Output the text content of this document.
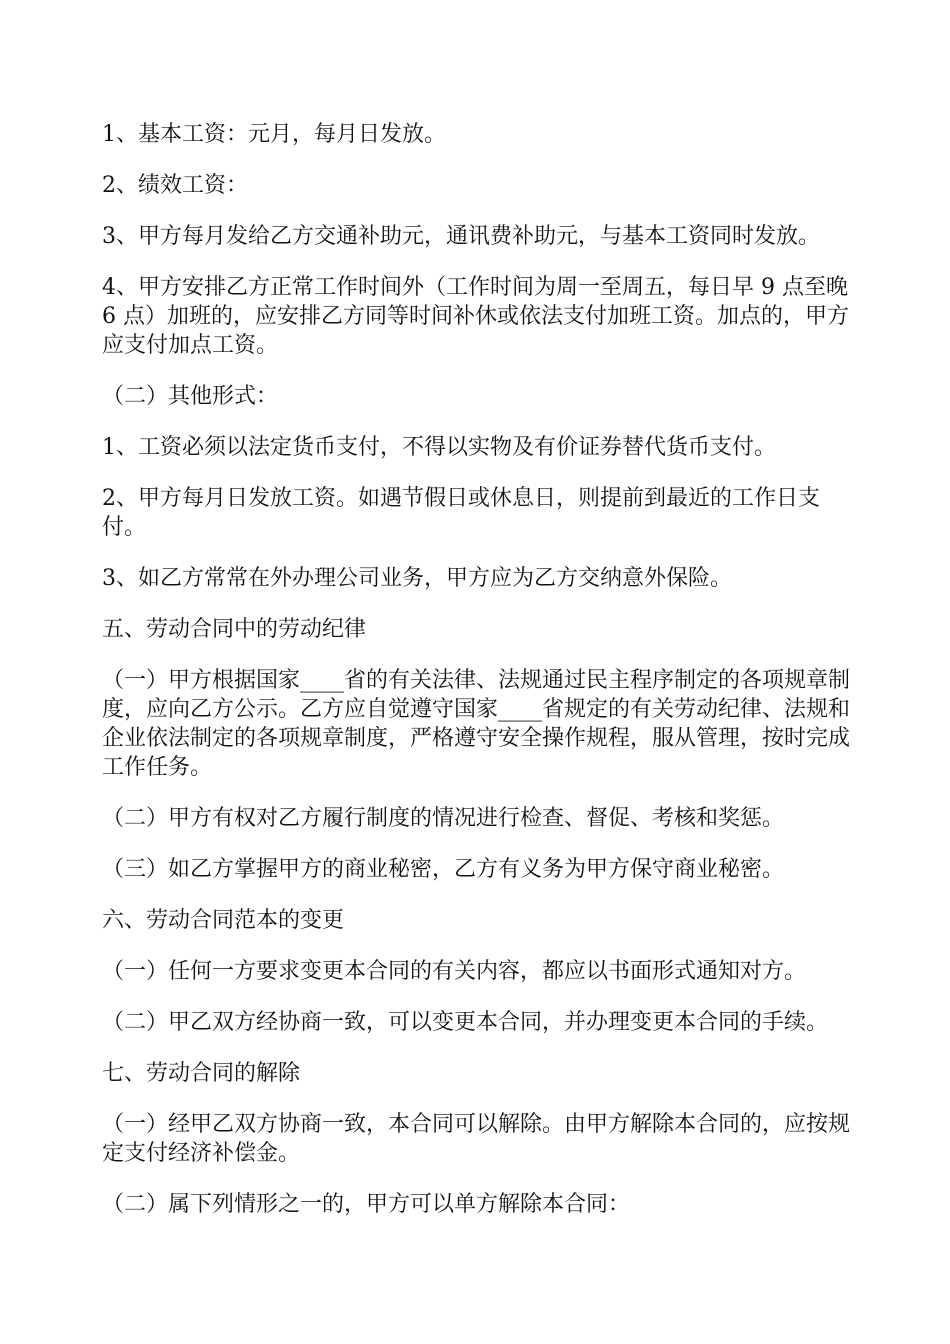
1、基本工资：元月，每月日发放。

2、绩效工资：

3、甲方每月发给乙方交通补助元，通讯费补助元，与基本工资同时发放。

4、甲方安排乙方正常工作时间外（工作时间为周一至周五，每日早 9 点至晚 6 点）加班的，应安排乙方同等时间补休或依法支付加班工资。加点的，甲方应支付加点工资。

（二）其他形式：

1、工资必须以法定货币支付，不得以实物及有价证券替代货币支付。

2、甲方每月日发放工资。如遇节假日或休息日，则提前到最近的工作日支付。

3、如乙方常常在外办理公司业务，甲方应为乙方交纳意外保险。

五、劳动合同中的劳动纪律

（一）甲方根据国家____省的有关法律、法规通过民主程序制定的各项规章制度，应向乙方公示。乙方应自觉遵守国家____省规定的有关劳动纪律、法规和企业依法制定的各项规章制度，严格遵守安全操作规程，服从管理，按时完成工作任务。

（二）甲方有权对乙方履行制度的情况进行检查、督促、考核和奖惩。

（三）如乙方掌握甲方的商业秘密，乙方有义务为甲方保守商业秘密。

六、劳动合同范本的变更

（一）任何一方要求变更本合同的有关内容，都应以书面形式通知对方。

（二）甲乙双方经协商一致，可以变更本合同，并办理变更本合同的手续。

七、劳动合同的解除

（一）经甲乙双方协商一致，本合同可以解除。由甲方解除本合同的，应按规定支付经济补偿金。

（二）属下列情形之一的，甲方可以单方解除本合同：
